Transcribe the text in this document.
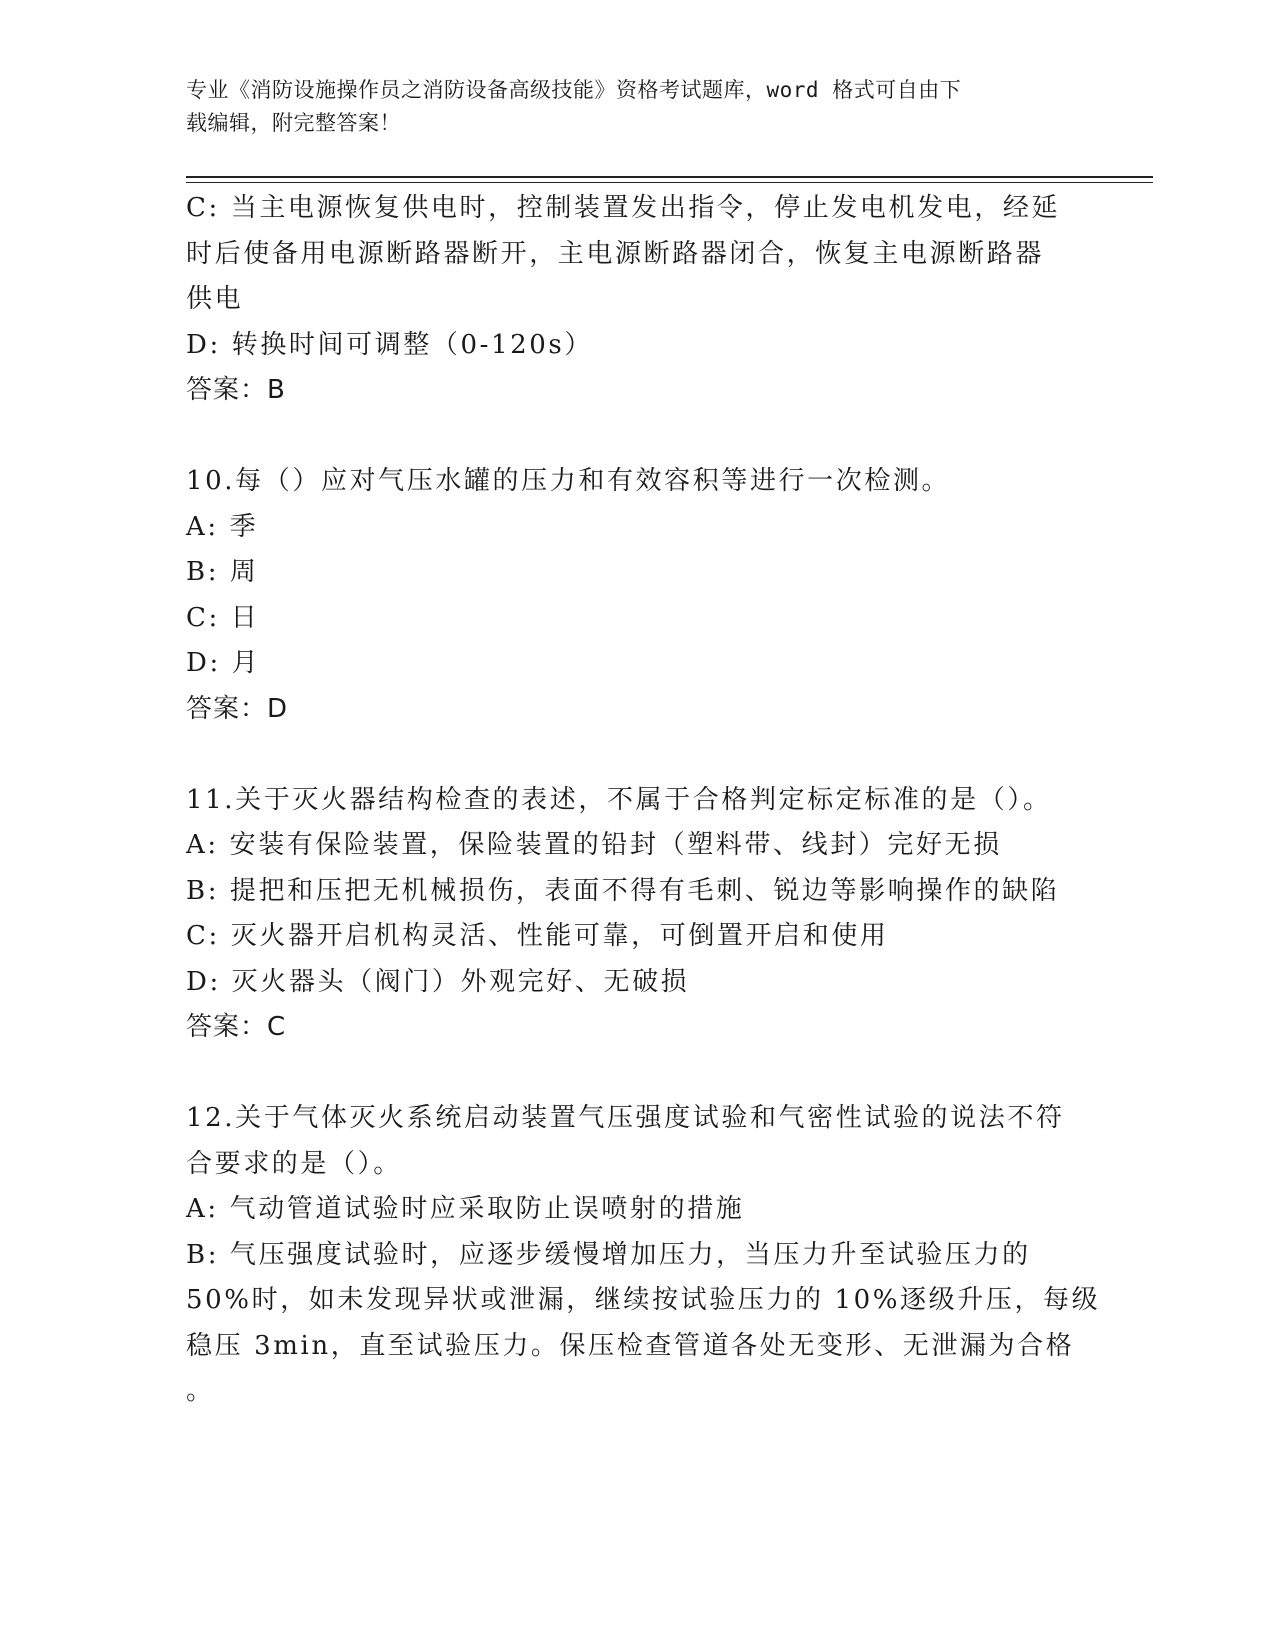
专业《消防设施操作员之消防设备高级技能》资格考试题库，word 格式可自由下
载编辑，附完整答案！

C: 当主电源恢复供电时，控制装置发出指令，停止发电机发电，经延

时后使备用电源断路器断开，主电源断路器闭合，恢复主电源断路器

供电

D: 转换时间可调整（0-120s）

答案：B

10.每（）应对气压水罐的压力和有效容积等进行一次检测。

A: 季

B: 周

C: 日

D: 月

答案：D

11.关于灭火器结构检查的表述，不属于合格判定标定标准的是（）。

A: 安装有保险装置，保险装置的铅封（塑料带、线封）完好无损

B: 提把和压把无机械损伤，表面不得有毛刺、锐边等影响操作的缺陷

C: 灭火器开启机构灵活、性能可靠，可倒置开启和使用

D: 灭火器头（阀门）外观完好、无破损

答案：C

12.关于气体灭火系统启动装置气压强度试验和气密性试验的说法不符

合要求的是（）。

A: 气动管道试验时应采取防止误喷射的措施

B: 气压强度试验时，应逐步缓慢增加压力，当压力升至试验压力的

50%时，如未发现异状或泄漏，继续按试验压力的 10%逐级升压，每级

稳压 3min，直至试验压力。保压检查管道各处无变形、无泄漏为合格

。
